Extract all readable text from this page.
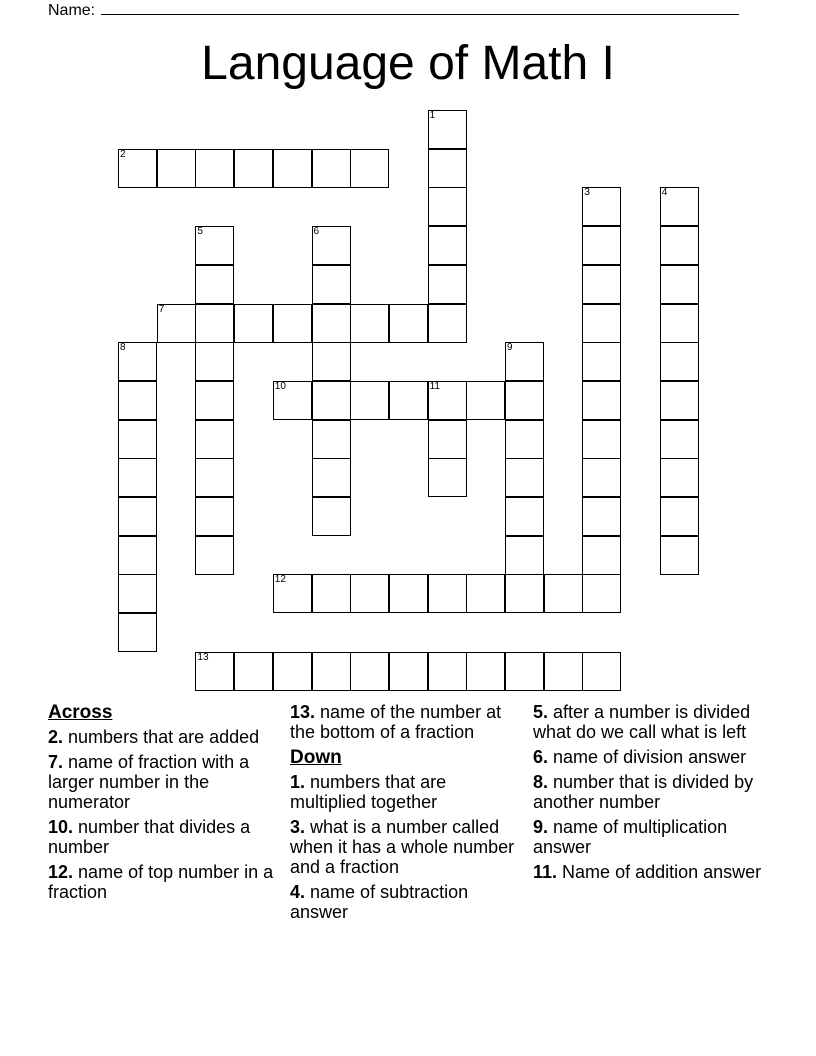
Name:
Language of Math I
1
2
3	4
5	6
7
8	9
10	11
12
13
Across
2. numbers that are added
7. name of fraction with a larger number in the numerator
10. number that divides a number
12. name of top number in a fraction
13. name of the number at the bottom of a fraction
Down
1. numbers that are multiplied together
3. what is a number called when it has a whole number and a fraction
4. name of subtraction answer
5. after a number is divided what do we call what is left
6. name of division answer
8. number that is divided by another number
9. name of multiplication answer
11. Name of addition answer
